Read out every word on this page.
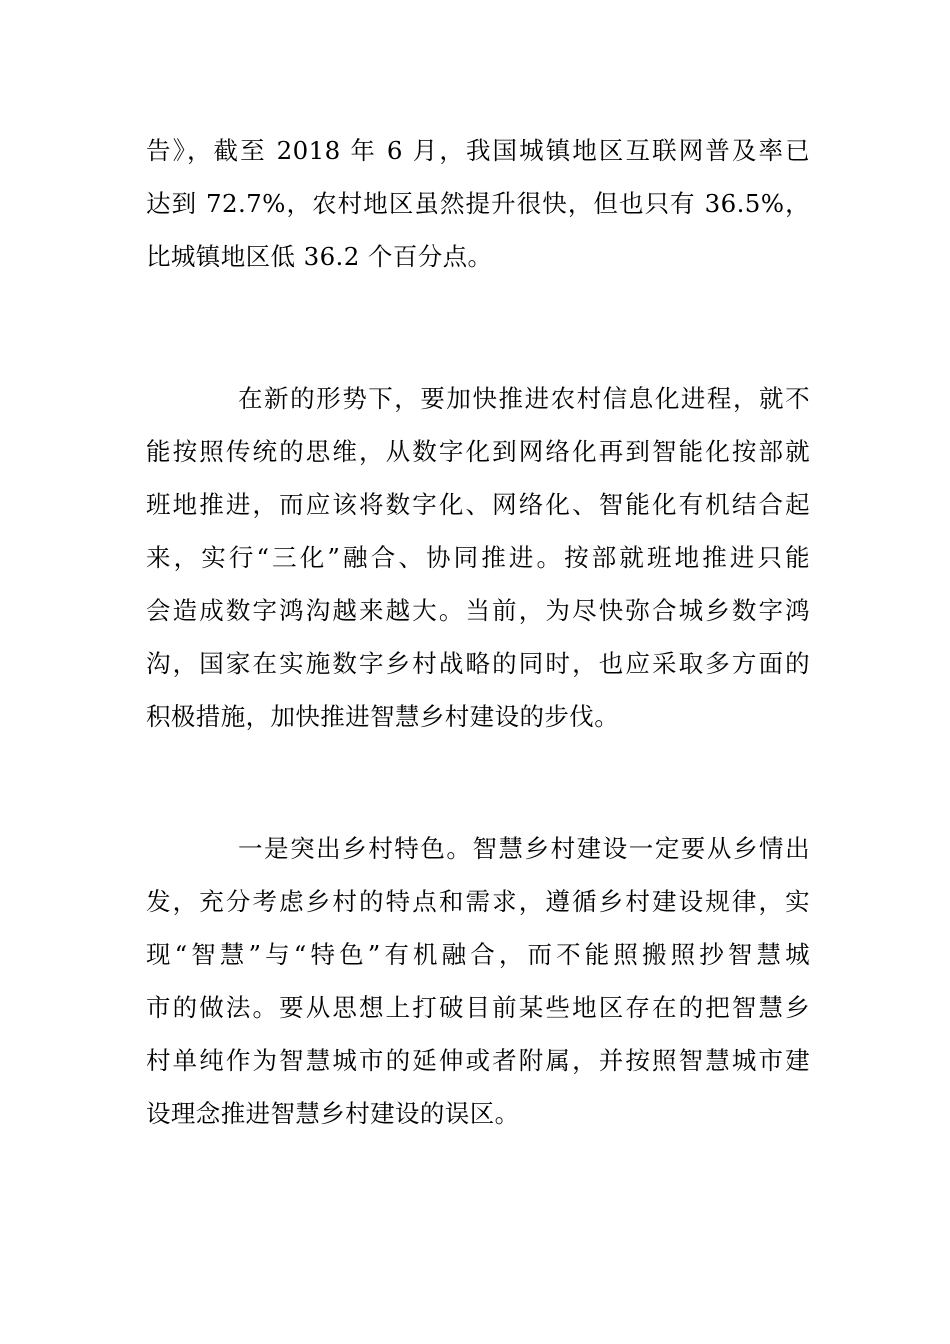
告》，截至 2018 年 6 月，我国城镇地区互联网普及率已
达到 72.7%，农村地区虽然提升很快，但也只有 36.5%，
比城镇地区低 36.2 个百分点。

在新的形势下，要加快推进农村信息化进程，就不
能按照传统的思维，从数字化到网络化再到智能化按部就
班地推进，而应该将数字化、网络化、智能化有机结合起
来，实行“三化”融合、协同推进。按部就班地推进只能
会造成数字鸿沟越来越大。当前，为尽快弥合城乡数字鸿
沟，国家在实施数字乡村战略的同时，也应采取多方面的
积极措施，加快推进智慧乡村建设的步伐。

一是突出乡村特色。智慧乡村建设一定要从乡情出
发，充分考虑乡村的特点和需求，遵循乡村建设规律，实
现“智慧”与“特色”有机融合，而不能照搬照抄智慧城
市的做法。要从思想上打破目前某些地区存在的把智慧乡
村单纯作为智慧城市的延伸或者附属，并按照智慧城市建
设理念推进智慧乡村建设的误区。
